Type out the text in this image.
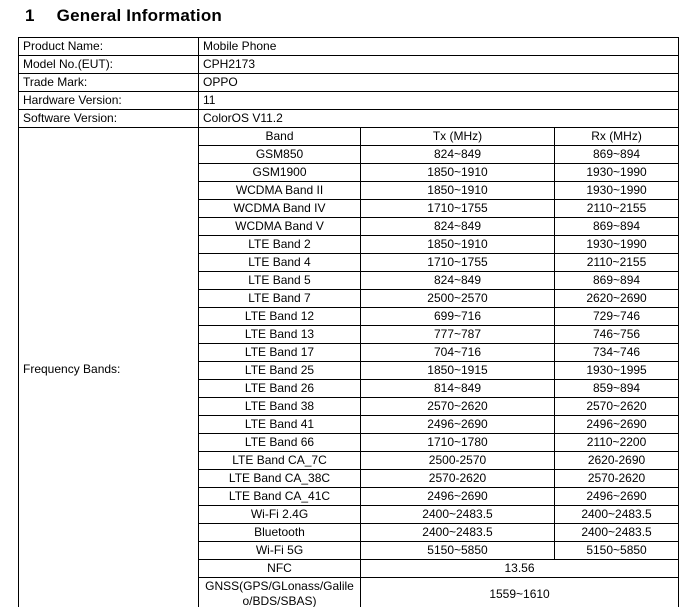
1 General Information
Product Name:	Mobile Phone		
Model No.(EUT):	CPH2173		
Trade Mark:	OPPO		
Hardware Version:	11		
Software Version:	ColorOS V11.2		
Frequency Bands:	Band	Tx (MHz)	Rx (MHz)
	GSM850	824~849	869~894
	GSM1900	1850~1910	1930~1990
	WCDMA Band II	1850~1910	1930~1990
	WCDMA Band IV	1710~1755	2110~2155
	WCDMA Band V	824~849	869~894
	LTE Band 2	1850~1910	1930~1990
	LTE Band 4	1710~1755	2110~2155
	LTE Band 5	824~849	869~894
	LTE Band 7	2500~2570	2620~2690
	LTE Band 12	699~716	729~746
	LTE Band 13	777~787	746~756
	LTE Band 17	704~716	734~746
	LTE Band 25	1850~1915	1930~1995
	LTE Band 26	814~849	859~894
	LTE Band 38	2570~2620	2570~2620
	LTE Band 41	2496~2690	2496~2690
	LTE Band 66	1710~1780	2110~2200
	LTE Band CA_7C	2500-2570	2620-2690
	LTE Band CA_38C	2570-2620	2570-2620
	LTE Band CA_41C	2496~2690	2496~2690
	Wi-Fi 2.4G	2400~2483.5	2400~2483.5
	Bluetooth	2400~2483.5	2400~2483.5
	Wi-Fi 5G	5150~5850	5150~5850
	NFC	13.56	
	GNSS(GPS/GLonass/Galileo/BDS/SBAS)	1559~1610	
